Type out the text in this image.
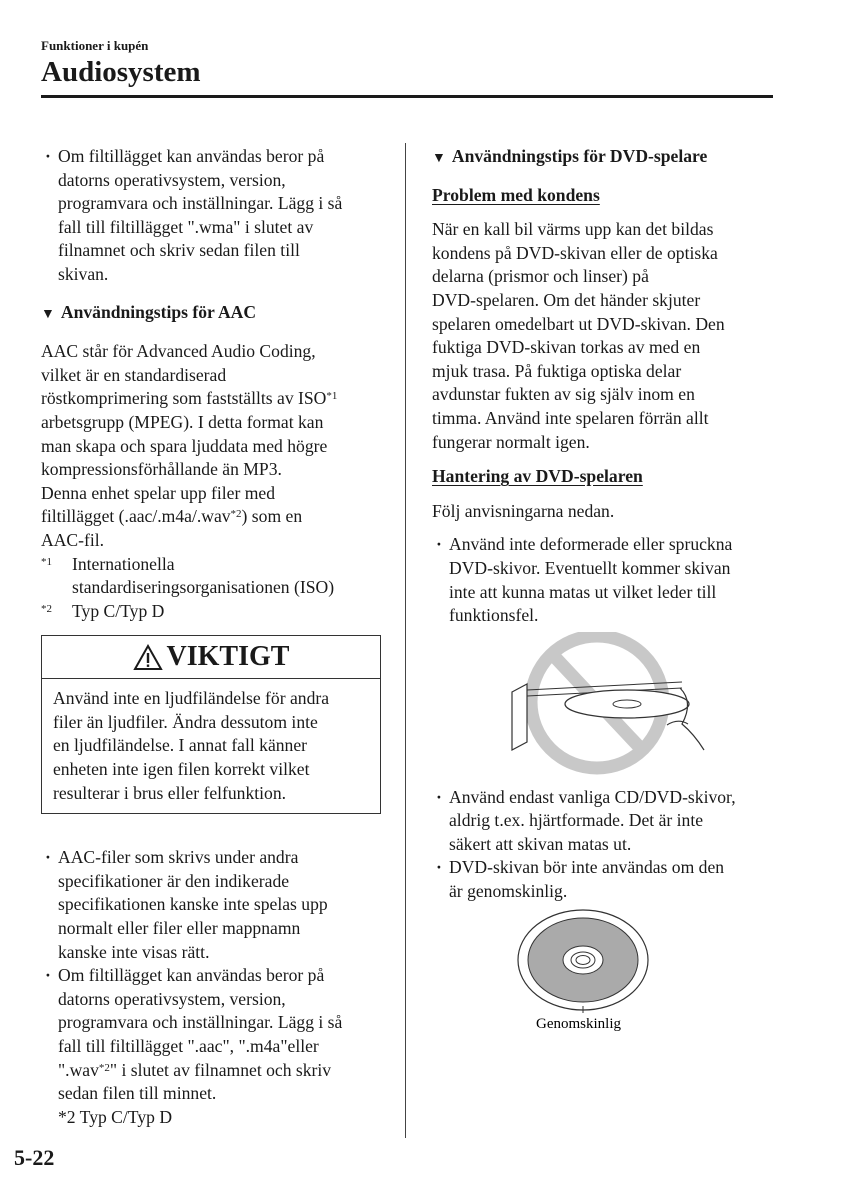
Funktioner i kupén
Audiosystem

· Om filtillägget kan användas beror på

datorns operativsystem, version,

programvara och inställningar. Lägg i så

fall till filtillägget ".wma" i slutet av

filnamnet och skriv sedan filen till

skivan.

▼ Användningstips för AAC

AAC står för Advanced Audio Coding,

vilket är en standardiserad

röstkomprimering som fastställts av ISO$^{*1}$

arbetsgrupp (MPEG). I detta format kan

man skapa och spara ljuddata med högre

kompressionsförhållande än MP3.

Denna enhet spelar upp filer med

filtillägget (.aac/.m4a/.wav$^{*2}$) som en

AAC-fil.

$^{*1}$	Internationella

standardiseringsorganisationen (ISO)

$^{*2}$	Typ C/Typ D
VIKTIGT

Använd inte en ljudfiländelse för andra

filer än ljudfiler. Ändra dessutom inte

en ljudfiländelse. I annat fall känner

enheten inte igen filen korrekt vilket

resulterar i brus eller felfunktion.

· AAC-filer som skrivs under andra

specifikationer är den indikerade

specifikationen kanske inte spelas upp

normalt eller filer eller mappnamn

kanske inte visas rätt.

· Om filtillägget kan användas beror på

datorns operativsystem, version,

programvara och inställningar. Lägg i så

fall till filtillägget ".aac", ".m4a"eller

".wav$^{*2}$" i slutet av filnamnet och skriv

sedan filen till minnet.

*2 Typ C/Typ D

▼ Användningstips för DVD-spelare

Problem med kondens

När en kall bil värms upp kan det bildas

kondens på DVD-skivan eller de optiska

delarna (prismor och linser) på

DVD-spelaren. Om det händer skjuter

spelaren omedelbart ut DVD-skivan. Den

fuktiga DVD-skivan torkas av med en

mjuk trasa. På fuktiga optiska delar

avdunstar fukten av sig själv inom en

timma. Använd inte spelaren förrän allt

fungerar normalt igen.

Hantering av DVD-spelaren

Följ anvisningarna nedan.

· Använd inte deformerade eller spruckna

DVD-skivor. Eventuellt kommer skivan

inte att kunna matas ut vilket leder till

funktionsfel.

· Använd endast vanliga CD/DVD-skivor,

aldrig t.ex. hjärtformade. Det är inte

säkert att skivan matas ut.

· DVD-skivan bör inte användas om den

är genomskinlig.

Genomskinlig
5-22
